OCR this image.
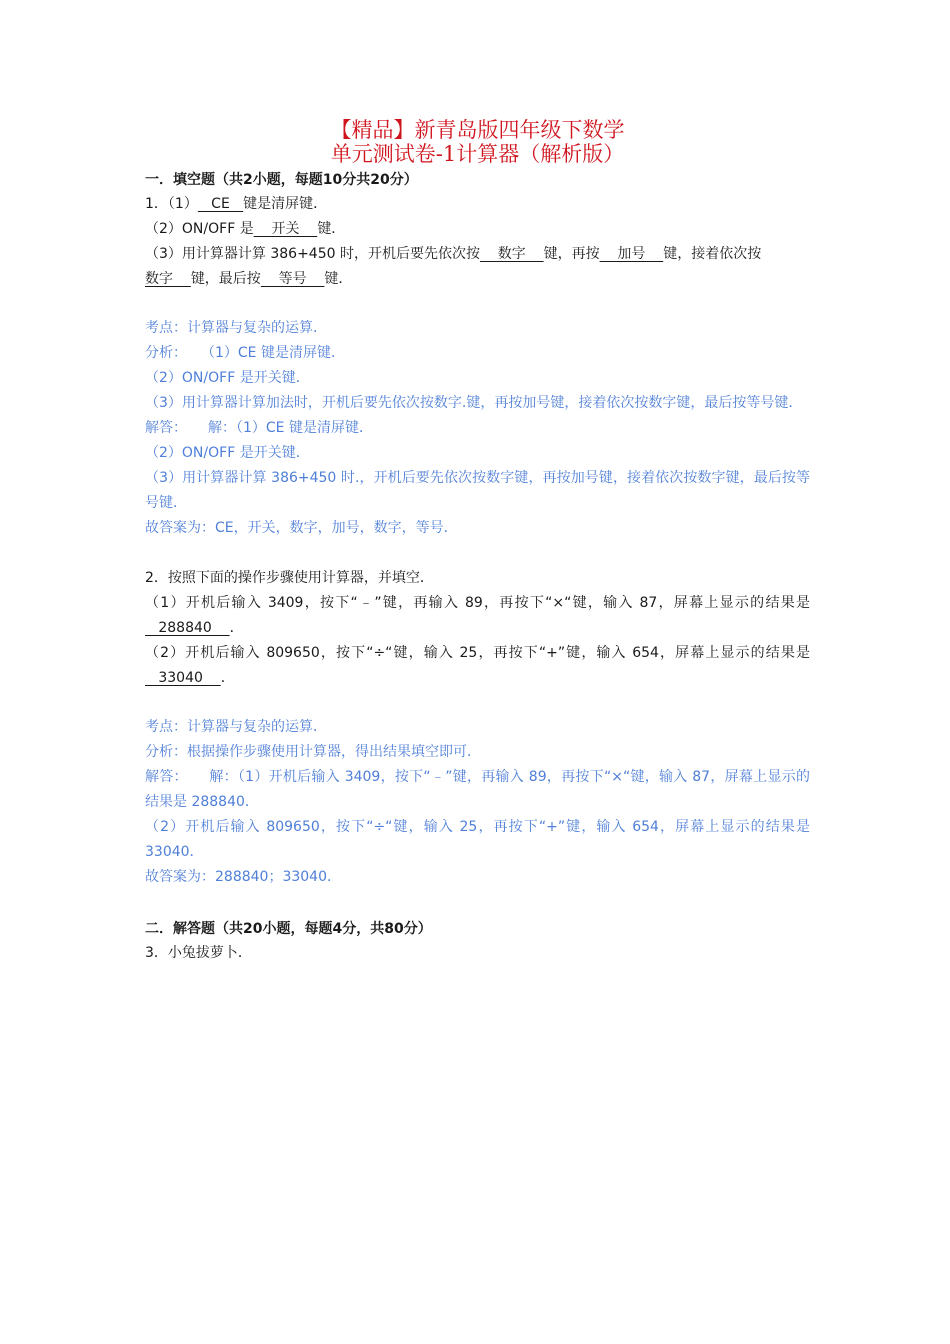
【精品】新青岛版四年级下数学
单元测试卷-1计算器（解析版）
一．填空题（共2小题，每题10分共20分）

1．（1）   CE   键是清屏键．

（2）ON/OFF 是    开关    键．

（3）用计算器计算 386+450 时，开机后要先依次按    数字    键，再按    加号    键，接着依次按
数字    键，最后按    等号    键．

考点：计算器与复杂的运算．

分析：　　（1）CE 键是清屏键．

（2）ON/OFF 是开关键．

（3）用计算器计算加法时，开机后要先依次按数字.键，再按加号键，接着依次按数字键，最后按等号键．

解答：　　解：（1）CE 键是清屏键．

（2）ON/OFF 是开关键．

（3）用计算器计算 386+450 时.，开机后要先依次按数字键，再按加号键，接着依次按数字键，最后按等号键．

故答案为：CE，开关，数字，加号，数字，等号．

2．按照下面的操作步骤使用计算器，并填空．

（1）开机后输入 3409，按下“﹣”键，再输入 89，再按下“×“键，输入 87，屏幕上显示的结果是   288840    ．

（2）开机后输入 809650，按下“÷“键，输入 25，再按下“+”键，输入 654，屏幕上显示的结果是   33040    ．

考点：计算器与复杂的运算．

分析：根据操作步骤使用计算器，得出结果填空即可．

解答：　　解：（1）开机后输入 3409，按下“﹣”键，再输入 89，再按下“×“键，输入 87，屏幕上显示的结果是 288840．

（2）开机后输入 809650，按下“÷“键，输入 25，再按下“+”键，输入 654，屏幕上显示的结果是 33040．

故答案为：288840；33040．

二．解答题（共20小题，每题4分，共80分）

3．小兔拔萝卜．
